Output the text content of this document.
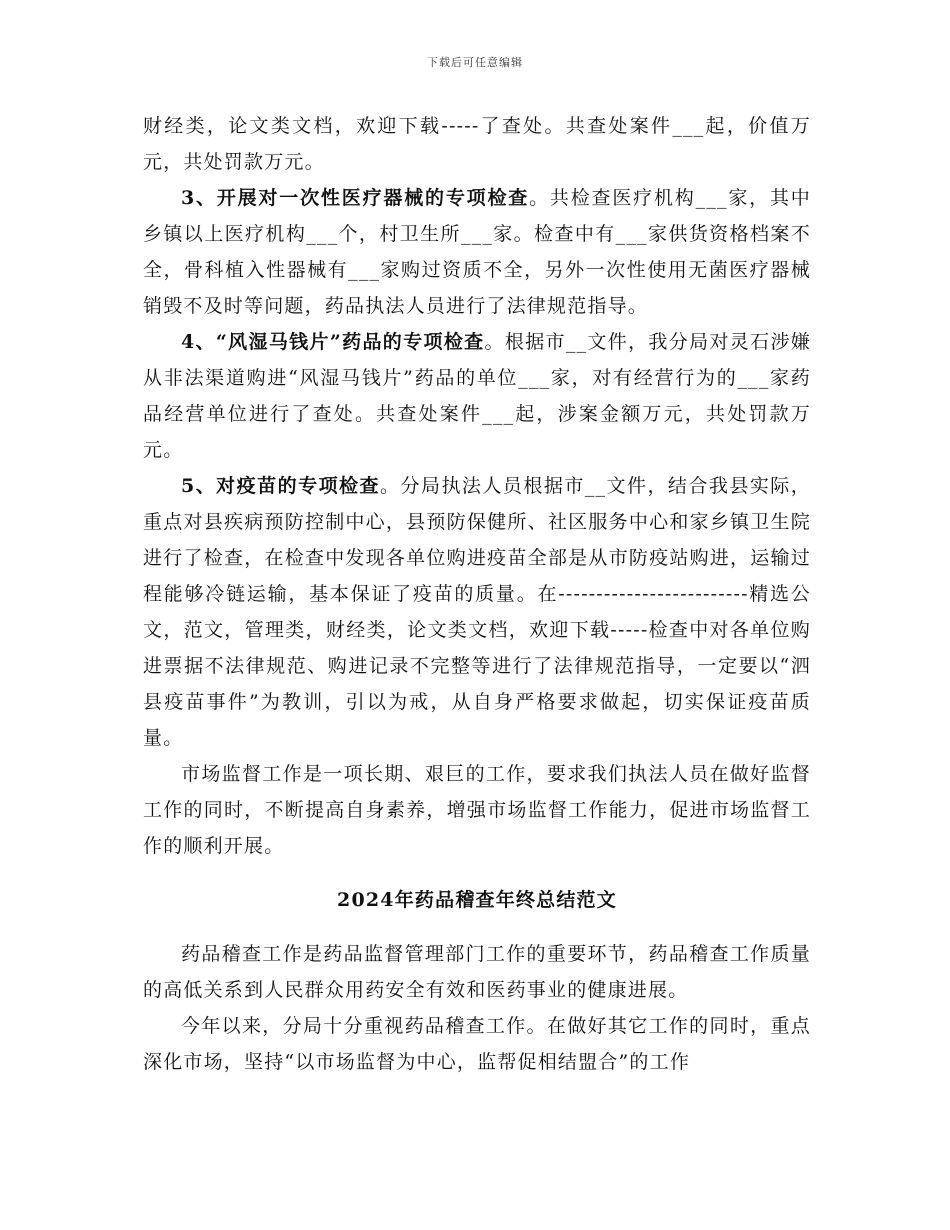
下载后可任意编辑

财经类，论文类文档，欢迎下载-----了查处。共查处案件___起，价值万元，共处罚款万元。

3、开展对一次性医疗器械的专项检查。共检查医疗机构___家，其中乡镇以上医疗机构___个，村卫生所___家。检查中有___家供货资格档案不全，骨科植入性器械有___家购过资质不全，另外一次性使用无菌医疗器械销毁不及时等问题，药品执法人员进行了法律规范指导。

4、“风湿马钱片”药品的专项检查。根据市__文件，我分局对灵石涉嫌从非法渠道购进“风湿马钱片”药品的单位___家，对有经营行为的___家药品经营单位进行了查处。共查处案件___起，涉案金额万元，共处罚款万元。

5、对疫苗的专项检查。分局执法人员根据市__文件，结合我县实际，重点对县疾病预防控制中心，县预防保健所、社区服务中心和家乡镇卫生院进行了检查，在检查中发现各单位购进疫苗全部是从市防疫站购进，运输过程能够冷链运输，基本保证了疫苗的质量。在-------------------------精选公文，范文，管理类，财经类，论文类文档，欢迎下载-----检查中对各单位购进票据不法律规范、购进记录不完整等进行了法律规范指导，一定要以“泗县疫苗事件”为教训，引以为戒，从自身严格要求做起，切实保证疫苗质量。

市场监督工作是一项长期、艰巨的工作，要求我们执法人员在做好监督工作的同时，不断提高自身素养，增强市场监督工作能力，促进市场监督工作的顺利开展。

2024年药品稽查年终总结范文

药品稽查工作是药品监督管理部门工作的重要环节，药品稽查工作质量的高低关系到人民群众用药安全有效和医药事业的健康进展。

今年以来，分局十分重视药品稽查工作。在做好其它工作的同时，重点深化市场，坚持“以市场监督为中心，监帮促相结盟合”的工作
